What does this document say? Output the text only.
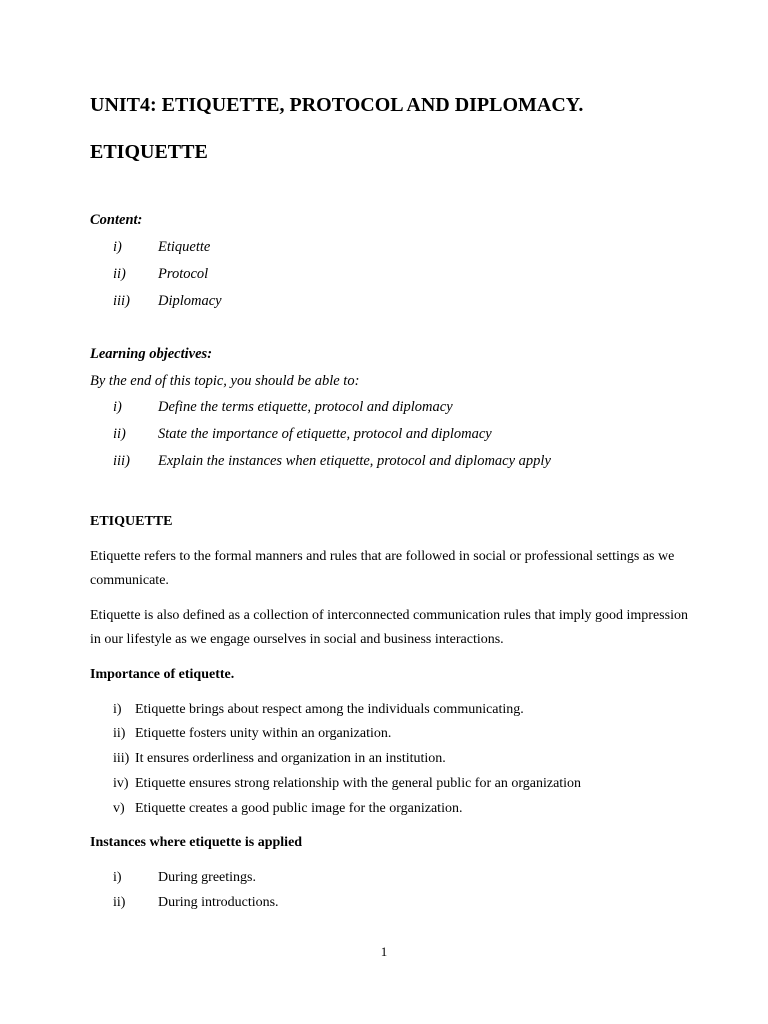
UNIT4: ETIQUETTE, PROTOCOL AND DIPLOMACY.
ETIQUETTE
Content:
i) Etiquette
ii) Protocol
iii) Diplomacy
Learning objectives:
By the end of this topic, you should be able to:
i) Define the terms etiquette, protocol and diplomacy
ii) State the importance of etiquette, protocol and diplomacy
iii) Explain the instances when etiquette, protocol and diplomacy apply
ETIQUETTE
Etiquette refers to the formal manners and rules that are followed in social or professional settings as we communicate.
Etiquette is also defined as a collection of interconnected communication rules that imply good impression in our lifestyle as we engage ourselves in social and business interactions.
Importance of etiquette.
i) Etiquette brings about respect among the individuals communicating.
ii) Etiquette fosters unity within an organization.
iii) It ensures orderliness and organization in an institution.
iv) Etiquette ensures strong relationship with the general public for an organization
v) Etiquette creates a good public image for the organization.
Instances where etiquette is applied
i)	During greetings.
ii) During introductions.
1
